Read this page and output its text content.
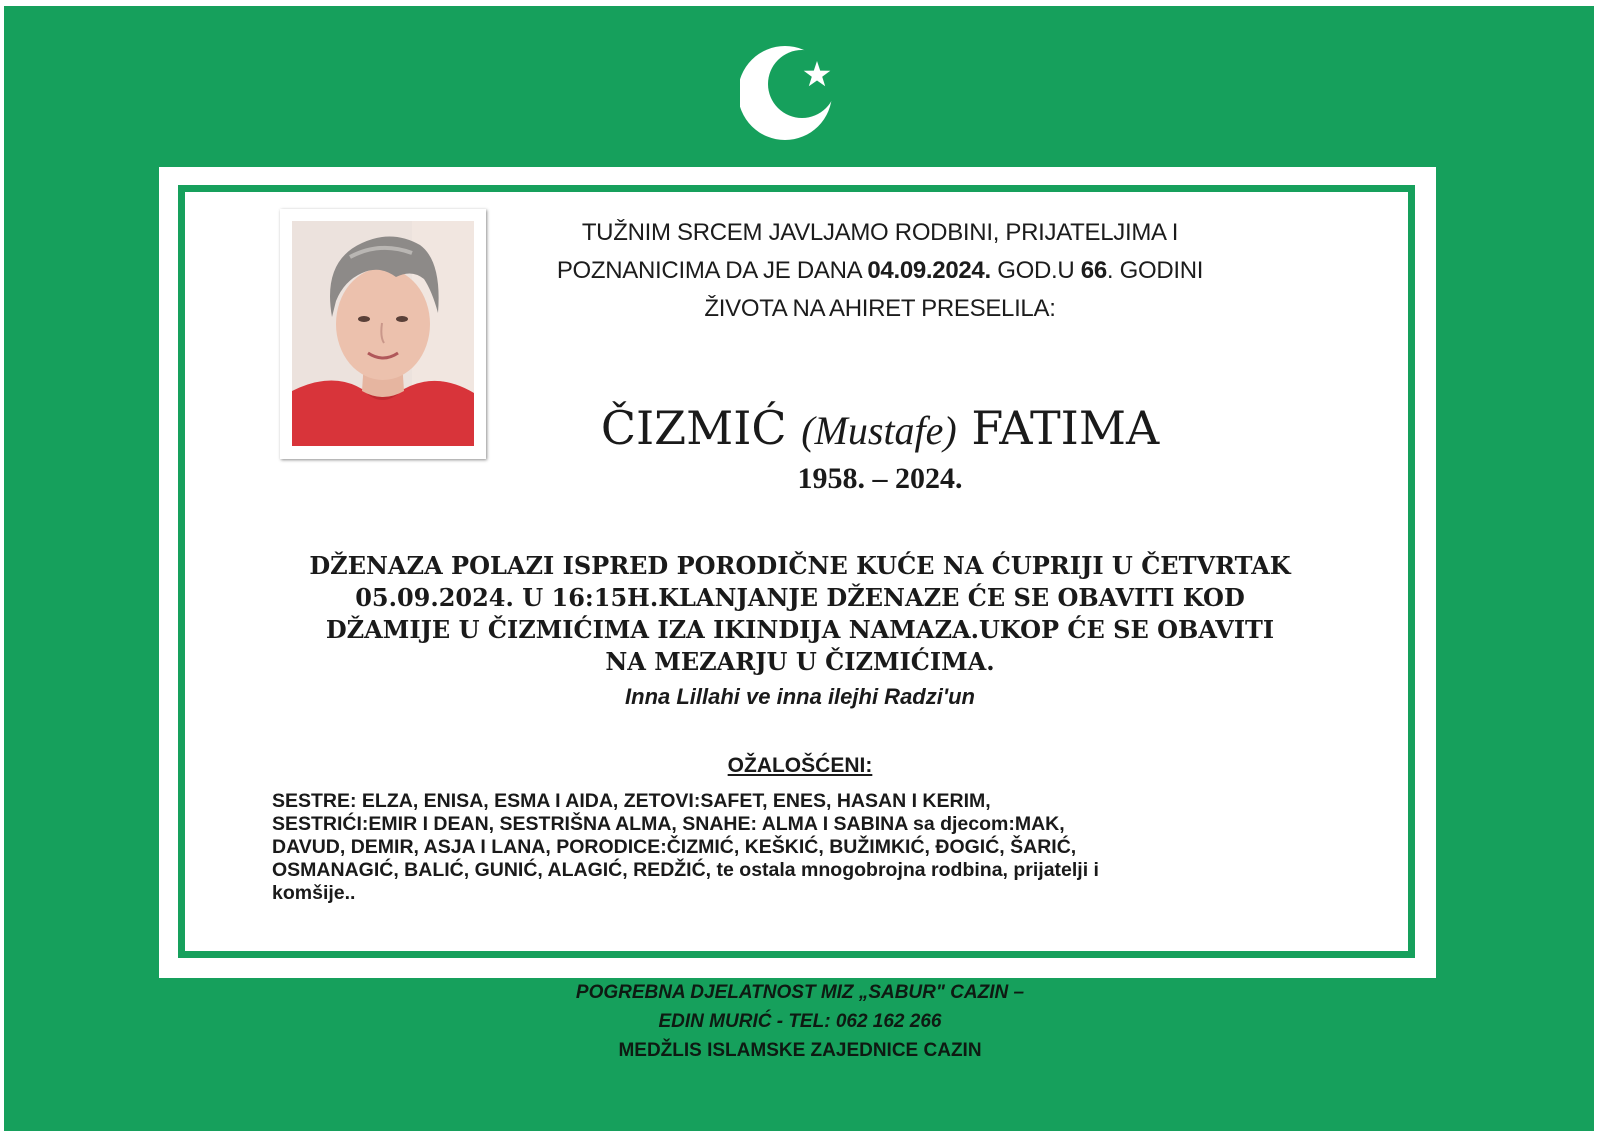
TUŽNIM SRCEM JAVLJAMO RODBINI, PRIJATELJIMA I
POZNANICIMA DA JE DANA 04.09.2024. GOD.U 66. GODINI
ŽIVOTA NA AHIRET PRESELILA:
ČIZMIĆ (Mustafe) FATIMA
1958. – 2024.
DŽENAZA POLAZI ISPRED PORODIČNE KUĆE NA ĆUPRIJI U ČETVRTAK
05.09.2024. U 16:15H.KLANJANJE DŽENAZE ĆE SE OBAVITI KOD
DŽAMIJE U ČIZMIĆIMA IZA IKINDIJA NAMAZA.UKOP ĆE SE OBAVITI
NA MEZARJU U ČIZMIĆIMA.
Inna Lillahi ve inna ilejhi Radzi'un
OŽALOŠĆENI:
SESTRE: ELZA, ENISA, ESMA I AIDA, ZETOVI:SAFET, ENES, HASAN I KERIM,
SESTRIĆI:EMIR I DEAN, SESTRIŠNA ALMA, SNAHE: ALMA I SABINA sa djecom:MAK,
DAVUD, DEMIR, ASJA I LANA, PORODICE:ČIZMIĆ, KEŠKIĆ, BUŽIMKIĆ, ĐOGIĆ, ŠARIĆ,
OSMANAGIĆ, BALIĆ, GUNIĆ, ALAGIĆ, REDŽIĆ, te ostala mnogobrojna rodbina, prijatelji i
komšije..
POGREBNA DJELATNOST MIZ „SABUR" CAZIN –
EDIN MURIĆ - TEL: 062 162 266
MEDŽLIS ISLAMSKE ZAJEDNICE CAZIN
